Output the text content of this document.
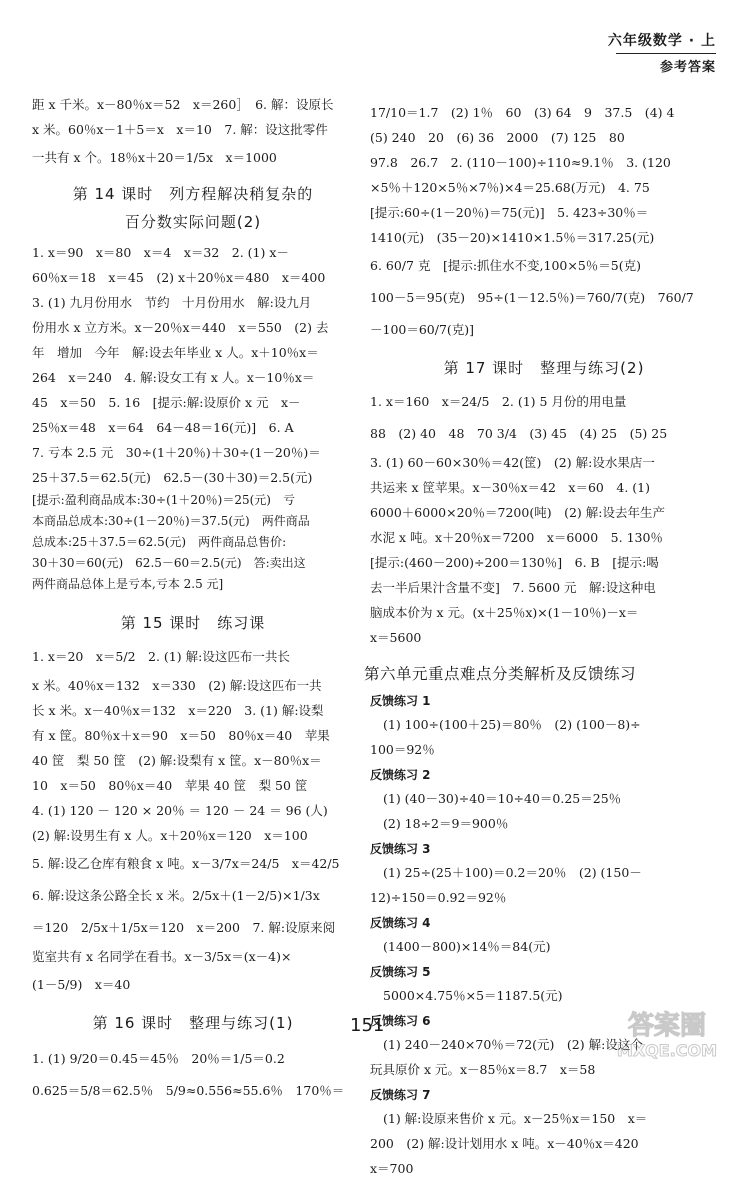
六年级数学 · 上
参考答案

距 x 千米。x－80％x＝52　x＝260］　6. 解：设原长

x 米。60％x－1＋5＝x　x＝10　7. 解：设这批零件

一共有 x 个。18％x＋20＝1/5x　x＝1000

第 14 课时　列方程解决稍复杂的
百分数实际问题(2)

1. x＝90　x＝80　x＝4　x＝32　2. (1) x－

60％x＝18　x＝45　(2) x＋20％x＝480　x＝400

3. (1) 九月份用水　节约　十月份用水　解:设九月

份用水 x 立方米。x－20％x＝440　x＝550　(2) 去

年　增加　今年　解:设去年毕业 x 人。x＋10％x＝

264　x＝240　4. 解:设女工有 x 人。x－10％x＝

45　x＝50　5. 16　[提示:解:设原价 x 元　x－

25％x＝48　x＝64　64－48＝16(元)]　6. A

7. 亏本 2.5 元　30÷(1＋20％)＋30÷(1－20％)＝

25＋37.5＝62.5(元)　62.5－(30＋30)＝2.5(元)

[提示:盈利商品成本:30÷(1＋20％)＝25(元)　亏

本商品总成本:30÷(1－20％)＝37.5(元)　两件商品

总成本:25＋37.5＝62.5(元)　两件商品总售价:

30＋30＝60(元)　62.5－60＝2.5(元)　答:卖出这

两件商品总体上是亏本,亏本 2.5 元]

第 15 课时　练习课

1. x＝20　x＝5/2　2. (1) 解:设这匹布一共长

x 米。40％x＝132　x＝330　(2) 解:设这匹布一共

长 x 米。x－40％x＝132　x＝220　3. (1) 解:设梨

有 x 筐。80％x＋x＝90　x＝50　80％x＝40　苹果

40 筐　梨 50 筐　(2) 解:设梨有 x 筐。x－80％x＝

10　x＝50　80％x＝40　苹果 40 筐　梨 50 筐

4. (1) 120 － 120 × 20％ ＝ 120 － 24 ＝ 96 (人)

(2) 解:设男生有 x 人。x＋20％x＝120　x＝100

5. 解:设乙仓库有粮食 x 吨。x－3/7x＝24/5　x＝42/5

6. 解:设这条公路全长 x 米。2/5x＋(1－2/5)×1/3x

＝120　2/5x＋1/5x＝120　x＝200　7. 解:设原来阅

览室共有 x 名同学在看书。x－3/5x＝(x－4)×

(1－5/9)　x＝40

第 16 课时　整理与练习(1)

1. (1) 9/20＝0.45＝45％　20％＝1/5＝0.2

0.625＝5/8＝62.5％　5/9≈0.556≈55.6％　170％＝

17/10＝1.7　(2) 1％　60　(3) 64　9　37.5　(4) 4

(5) 240　20　(6) 36　2000　(7) 125　80

97.8　26.7　2. (110－100)÷110≈9.1％　3. (120

×5％＋120×5％×7％)×4＝25.68(万元)　4. 75

[提示:60÷(1－20％)＝75(元)]　5. 423÷30％＝

1410(元)　(35－20)×1410×1.5％＝317.25(元)

6. 60/7 克　[提示:抓住水不变,100×5％＝5(克)

100－5＝95(克)　95÷(1－12.5％)＝760/7(克)　760/7

－100＝60/7(克)]

第 17 课时　整理与练习(2)

1. x＝160　x＝24/5　2. (1) 5 月份的用电量

88　(2) 40　48　70 3/4　(3) 45　(4) 25　(5) 25

3. (1) 60－60×30％＝42(筐)　(2) 解:设水果店一

共运来 x 筐苹果。x－30％x＝42　x＝60　4. (1)

6000＋6000×20％＝7200(吨)　(2) 解:设去年生产

水泥 x 吨。x＋20％x＝7200　x＝6000　5. 130％

[提示:(460－200)÷200＝130％]　6. B　[提示:喝

去一半后果汁含量不变]　7. 5600 元　解:设这种电

脑成本价为 x 元。(x＋25％x)×(1－10％)－x＝

x＝5600

第六单元重点难点分类解析及反馈练习

反馈练习 1

(1) 100÷(100＋25)＝80％　(2) (100－8)÷

100＝92％

反馈练习 2

(1) (40－30)÷40＝10÷40＝0.25＝25％

(2) 18÷2＝9＝900％

反馈练习 3

(1) 25÷(25＋100)＝0.2＝20％　(2) (150－

12)÷150＝0.92＝92％

反馈练习 4

(1400－800)×14％＝84(元)

反馈练习 5

5000×4.75％×5＝1187.5(元)

反馈练习 6

(1) 240－240×70％＝72(元)　(2) 解:设这个

玩具原价 x 元。x－85％x＝8.7　x＝58

反馈练习 7

(1) 解:设原来售价 x 元。x－25％x＝150　x＝

200　(2) 解:设计划用水 x 吨。x－40％x＝420

x＝700

151	答案圈
MXQE.COM
